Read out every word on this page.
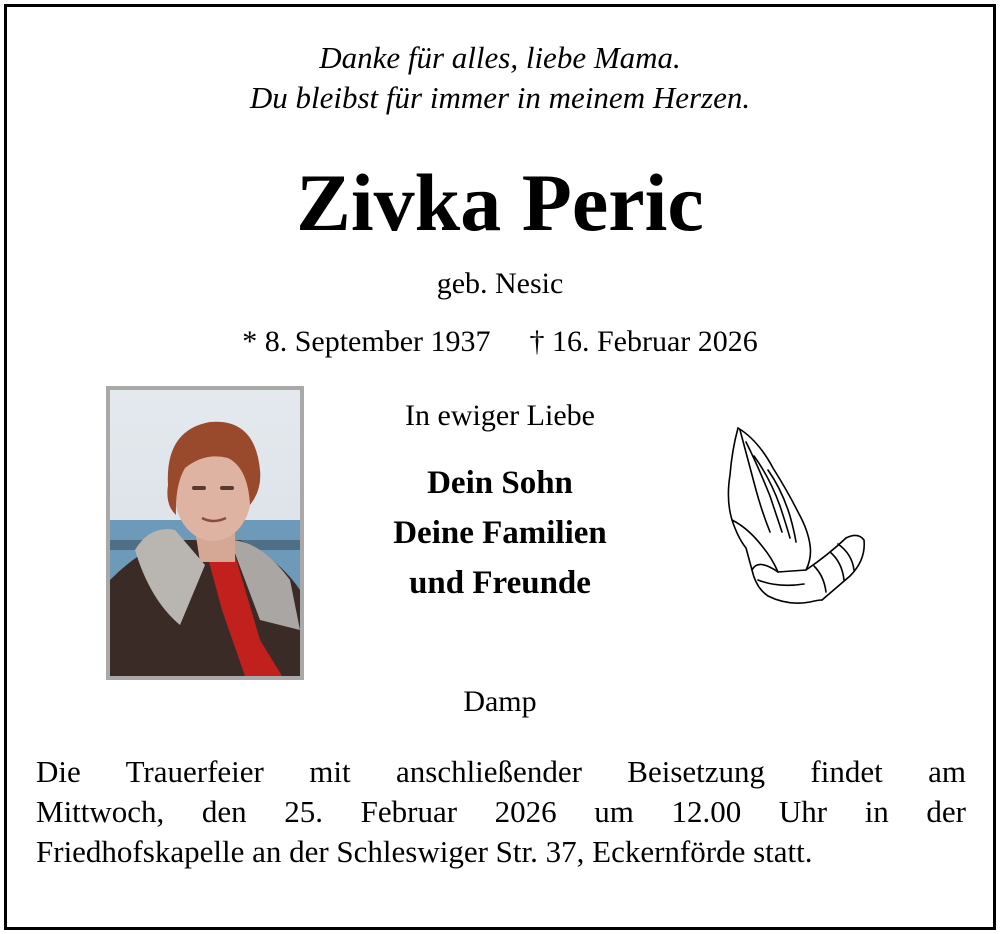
Danke für alles, liebe Mama.
Du bleibst für immer in meinem Herzen.
Zivka Peric
geb. Nesic
* 8. September 1937 † 16. Februar 2026
In ewiger Liebe
Dein Sohn
Deine Familien
und Freunde
Damp
Die Trauerfeier mit anschließender Beisetzung findet am
Mittwoch, den 25. Februar 2026 um 12.00 Uhr in der
Friedhofskapelle an der Schleswiger Str. 37, Eckernförde statt.
